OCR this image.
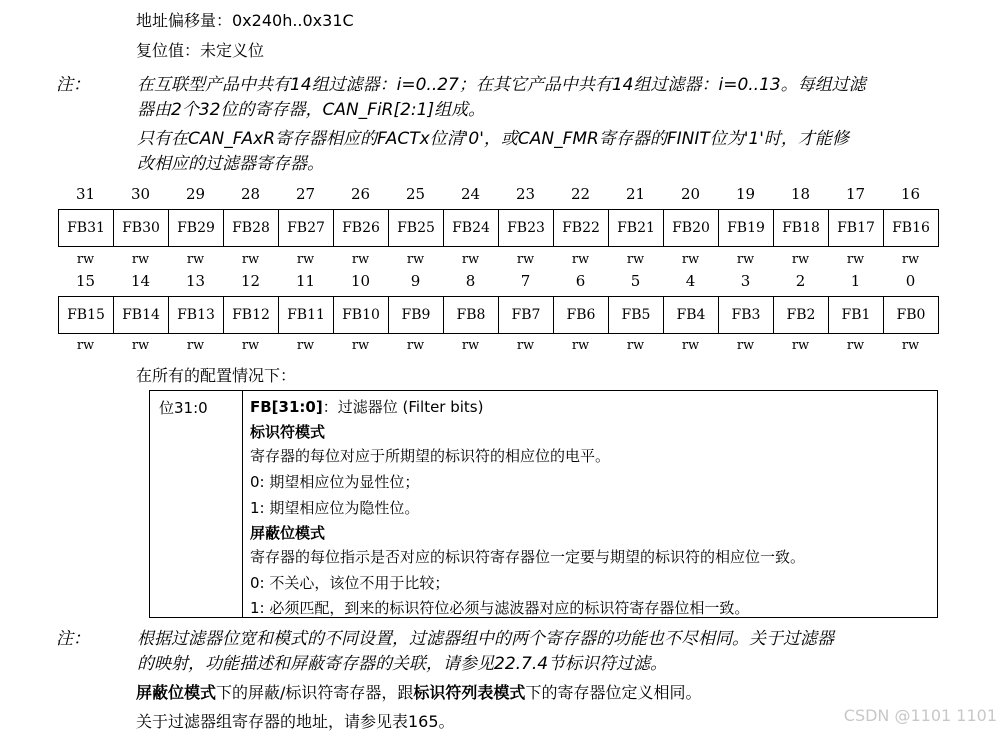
地址偏移量：0x240h..0x31C
复位值：未定义位
注：	在互联型产品中共有14组过滤器：i=0..27；在其它产品中共有14组过滤器：i=0..13。每组过滤
器由2个32位的寄存器，CAN_FiR[2:1]组成。
只有在CAN_FAxR寄存器相应的FACTx位清'0'，或CAN_FMR寄存器的FINIT位为'1'时，才能修
改相应的过滤器寄存器。
31	30	29	28	27	26	25	24	23	22	21	20	19	18	17	16
FB31	FB30	FB29	FB28	FB27	FB26	FB25	FB24	FB23	FB22	FB21	FB20	FB19	FB18	FB17	FB16
rw	rw	rw	rw	rw	rw	rw	rw	rw	rw	rw	rw	rw	rw	rw	rw
15	14	13	12	11	10	9	8	7	6	5	4	3	2	1	0
FB15	FB14	FB13	FB12	FB11	FB10	FB9	FB8	FB7	FB6	FB5	FB4	FB3	FB2	FB1	FB0
rw	rw	rw	rw	rw	rw	rw	rw	rw	rw	rw	rw	rw	rw	rw	rw
在所有的配置情况下：
位31:0	FB[31:0]：过滤器位 (Filter bits)
标识符模式
寄存器的每位对应于所期望的标识符的相应位的电平。
0: 期望相应位为显性位；
1: 期望相应位为隐性位。
屏蔽位模式
寄存器的每位指示是否对应的标识符寄存器位一定要与期望的标识符的相应位一致。
0: 不关心，该位不用于比较；
1: 必须匹配，到来的标识符位必须与滤波器对应的标识符寄存器位相一致。
注：	根据过滤器位宽和模式的不同设置，过滤器组中的两个寄存器的功能也不尽相同。关于过滤器
的映射，功能描述和屏蔽寄存器的关联，请参见22.7.4节标识符过滤。
屏蔽位模式下的屏蔽/标识符寄存器，跟标识符列表模式下的寄存器位定义相同。
关于过滤器组寄存器的地址，请参见表165。	CSDN @1101 1101
